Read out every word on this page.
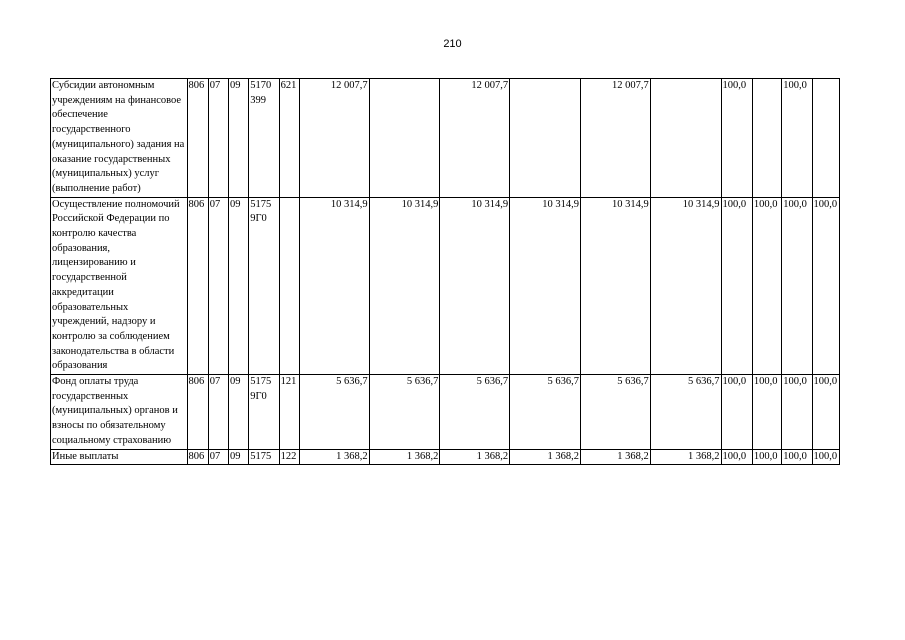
210
Субсидии автономным учреждениям на финансовое обеспечение государственного (муниципального) задания на оказание государственных (муниципальных) услуг (выполнение работ)	806	07	09	5170 399	621	12 007,7		12 007,7		12 007,7		100,0		100,0	
Осуществление полномочий Российской Федерации по контролю качества образования, лицензированию и государственной аккредитации образовательных учреждений, надзору и контролю за соблюдением законодательства в области образования	806	07	09	5175 9Г0		10 314,9	10 314,9	10 314,9	10 314,9	10 314,9	10 314,9	100,0	100,0	100,0	100,0
Фонд оплаты труда государственных (муниципальных) органов и взносы по обязательному социальному страхованию	806	07	09	5175 9Г0	121	5 636,7	5 636,7	5 636,7	5 636,7	5 636,7	5 636,7	100,0	100,0	100,0	100,0
Иные выплаты	806	07	09	5175	122	1 368,2	1 368,2	1 368,2	1 368,2	1 368,2	1 368,2	100,0	100,0	100,0	100,0
